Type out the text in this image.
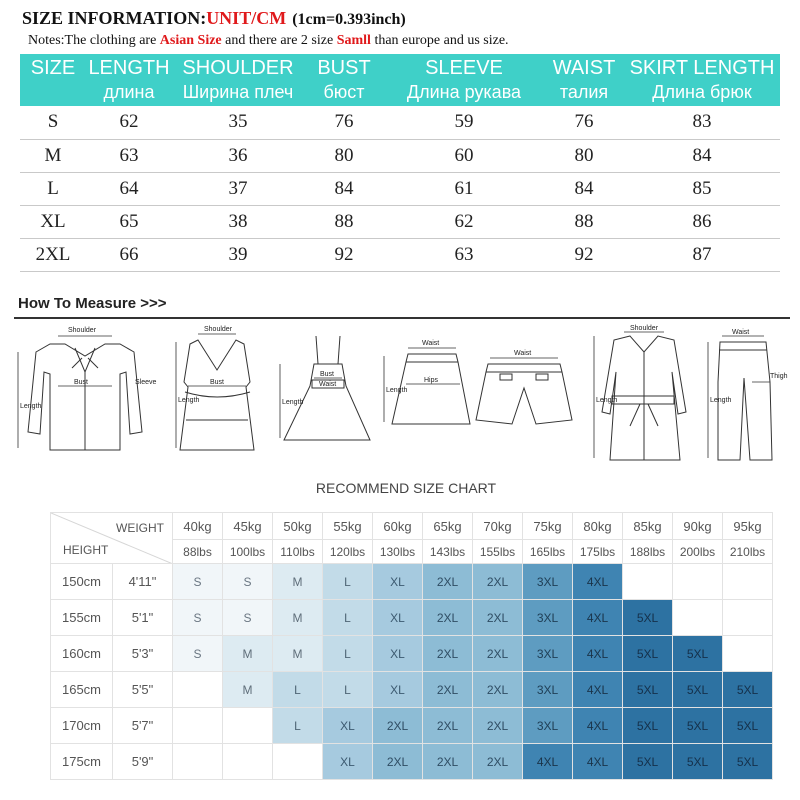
SIZE INFORMATION:UNIT/CM (1cm=0.393inch)
Notes:The clothing are Asian Size and there are 2 size Samll than europe and us size.
SIZE	LENGTH	SHOULDER	BUST	SLEEVE	WAIST	SKIRT LENGTH
	длина	Ширина плеч	бюст	Длина рукава	талия	Длина брюк
S	62	35	76	59	76	83
M	63	36	80	60	80	84
L	64	37	84	61	84	85
XL	65	38	88	62	88	86
2XL	66	39	92	63	92	87
How To Measure >>>
Shoulder
Bust	Sleeve
Length
Shoulder
Bust
Length
Bust
Waist
Length
Waist
Hips
Length
Waist
Shoulder
Length
Waist
Thigh
Length
RECOMMEND SIZE CHART
WEIGHT
HEIGHT		40kg	45kg	50kg	55kg	60kg	65kg	70kg	75kg	80kg	85kg	90kg	95kg
		88lbs	100lbs	110lbs	120lbs	130lbs	143lbs	155lbs	165lbs	175lbs	188lbs	200lbs	210lbs
150cm	4'11"	S	S	M	L	XL	2XL	2XL	3XL	4XL			
155cm	5'1"	S	S	M	L	XL	2XL	2XL	3XL	4XL	5XL		
160cm	5'3"	S	M	M	L	XL	2XL	2XL	3XL	4XL	5XL	5XL	
165cm	5'5"		M	L	L	XL	2XL	2XL	3XL	4XL	5XL	5XL	5XL
170cm	5'7"			L	XL	2XL	2XL	2XL	3XL	4XL	5XL	5XL	5XL
175cm	5'9"				XL	2XL	2XL	2XL	4XL	4XL	5XL	5XL	5XL
